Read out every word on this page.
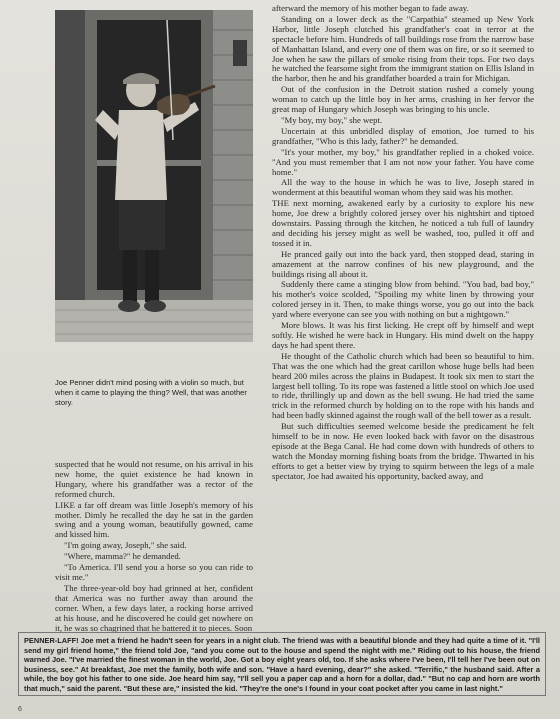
Joe Penner didn't mind posing with a violin so much, but when it came to playing the thing? Well, that was another story.

suspected that he would not resume, on his arrival in his new home, the quiet existence he had known in Hungary, where his grandfather was a rector of the reformed church.

LIKE a far off dream was little Joseph's memory of his mother. Dimly he recalled the day he sat in the garden swing and a young woman, beautifully gowned, came and kissed him.

"I'm going away, Joseph," she said.

"Where, mamma?" he demanded.

"To America. I'll send you a horse so you can ride to visit me."

The three-year-old boy had grinned at her, confident that America was no further away than around the corner. When, a few days later, a rocking horse arrived at his house, and he discovered he could get nowhere on it, he was so chagrined that he battered it to pieces. Soon

afterward the memory of his mother began to fade away.

Standing on a lower deck as the "Carpathia" steamed up New York Harbor, little Joseph clutched his grandfather's coat in terror at the spectacle before him. Hundreds of tall buildings rose from the narrow base of Manhattan Island, and every one of them was on fire, or so it seemed to Joe when he saw the pillars of smoke rising from their tops. For two days he watched the fearsome sight from the immigrant station on Ellis Island in the harbor, then he and his grandfather boarded a train for Michigan.

Out of the confusion in the Detroit station rushed a comely young woman to catch up the little boy in her arms, crushing in her fervor the great map of Hungary which Joseph was bringing to his uncle.

"My boy, my boy," she wept.

Uncertain at this unbridled display of emotion, Joe turned to his grandfather, "Who is this lady, father?" he demanded.

"It's your mother, my boy," his grandfather replied in a choked voice. "And you must remember that I am not now your father. You have come home."

All the way to the house in which he was to live, Joseph stared in wonderment at this beautiful woman whom they said was his mother.

THE next morning, awakened early by a curiosity to explore his new home, Joe drew a brightly colored jersey over his nightshirt and tiptoed downstairs. Passing through the kitchen, he noticed a tub full of laundry and deciding his jersey might as well be washed, too, pulled it off and tossed it in.

He pranced gaily out into the back yard, then stopped dead, staring in amazement at the narrow confines of his new playground, and the buildings rising all about it.

Suddenly there came a stinging blow from behind. "You bad, bad boy," his mother's voice scolded, "Spoiling my white linen by throwing your colored jersey in it. Then, to make things worse, you go out into the back yard where everyone can see you with nothing on but a nightgown."

More blows. It was his first licking. He crept off by himself and wept softly. He wished he were back in Hungary. His mind dwelt on the happy days he had spent there.

He thought of the Catholic church which had been so beautiful to him. That was the one which had the great carillon whose huge bells had been heard 200 miles across the plains in Budapest. It took six men to start the largest bell tolling. To its rope was fastened a little stool on which Joe used to ride, thrillingly up and down as the bell swung. He had tried the same trick in the reformed church by holding on to the rope with his hands and had been badly skinned against the rough wall of the bell tower as a result.

But such difficulties seemed welcome beside the predicament he felt himself to be in now. He even looked back with favor on the disastrous episode at the Bega Canal. He had come down with hundreds of others to watch the Monday morning fishing boats from the bridge. Thwarted in his efforts to get a better view by trying to squirm between the legs of a male spectator, Joe had awaited his opportunity, backed away, and

PENNER-LAFF! Joe met a friend he hadn't seen for years in a night club. The friend was with a beautiful blonde and they had quite a time of it. "I'll send my girl friend home," the friend told Joe, "and you come out to the house and spend the night with me." Riding out to his house, the friend warned Joe. "I've married the finest woman in the world, Joe. Got a boy eight years old, too. If she asks where I've been, I'll tell her I've been out on business, see." At breakfast, Joe met the family, both wife and son. "Have a hard evening, dear?" she asked. "Terrific," the husband said. After a while, the boy got his father to one side. Joe heard him say, "I'll sell you a paper cap and a horn for a dollar, dad." "But no cap and horn are worth that much," said the parent. "But these are," insisted the kid. "They're the one's I found in your coat pocket after you came in last night."

6
